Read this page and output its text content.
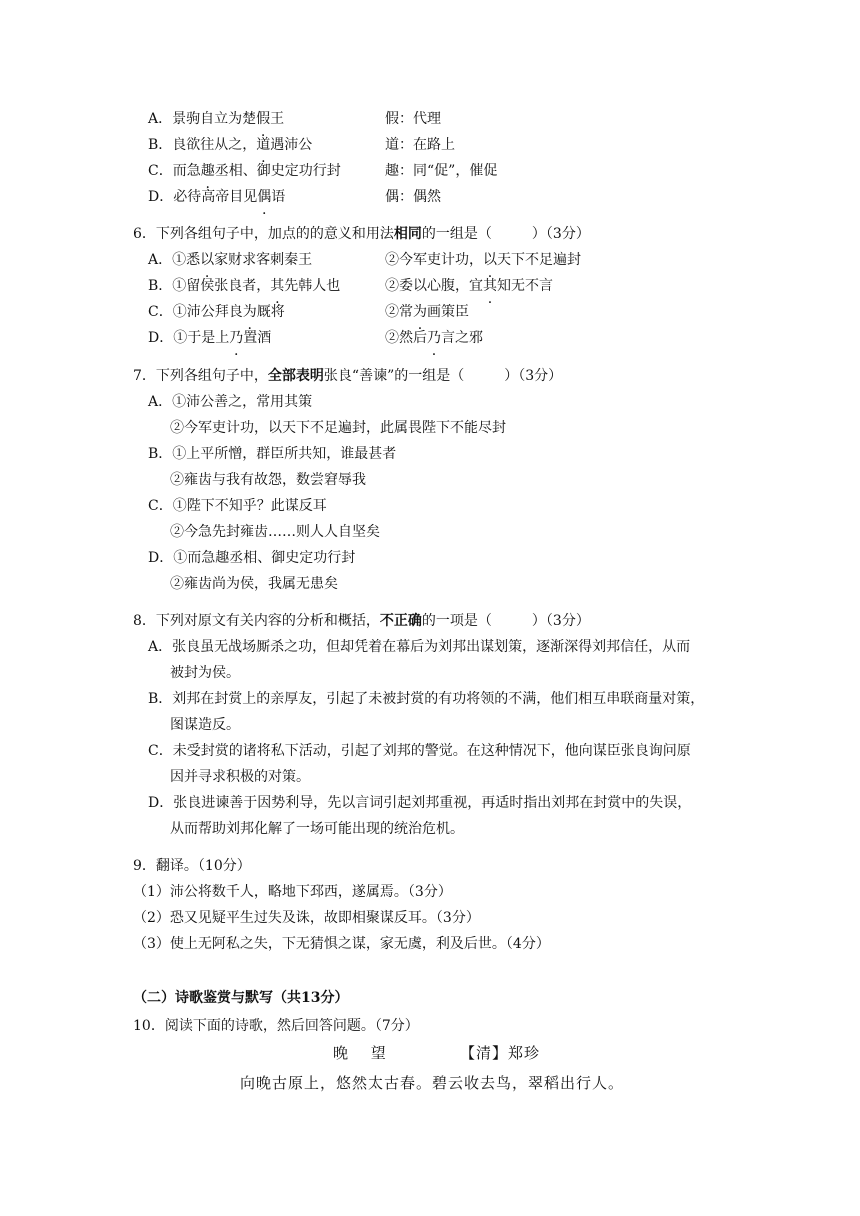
A．景驹自立为楚假王	假：代理
B．良欲往从之，道遇沛公	道：在路上
C．而急趣丞相、御史定功行封	趣：同“促”，催促
D．必待高帝目见偶语	偶：偶然
6．下列各组句子中，加点的的意义和用法相同的一组是（	）（3分）
A．①悉以家财求客刺秦王	②今军吏计功，以天下不足遍封
B．①留侯张良者，其先韩人也	②委以心腹，宜其知无不言
C．①沛公拜良为厩将	②常为画策臣
D．①于是上乃置酒	②然后乃言之邪
7．下列各组句子中，全部表明张良“善谏”的一组是（	）（3分）
A．①沛公善之，常用其策
②今军吏计功，以天下不足遍封，此属畏陛下不能尽封
B．①上平所憎，群臣所共知，谁最甚者
②雍齿与我有故怨，数尝窘辱我
C．①陛下不知乎？此谋反耳
②今急先封雍齿……则人人自坚矣
D．①而急趣丞相、御史定功行封
②雍齿尚为侯，我属无患矣
8．下列对原文有关内容的分析和概括，不正确的一项是（	）（3分）
A．张良虽无战场厮杀之功，但却凭着在幕后为刘邦出谋划策，逐渐深得刘邦信任，从而
被封为侯。
B．刘邦在封赏上的亲厚友，引起了未被封赏的有功将领的不满，他们相互串联商量对策，
图谋造反。
C．未受封赏的诸将私下活动，引起了刘邦的警觉。在这种情况下，他向谋臣张良询问原
因并寻求积极的对策。
D．张良进谏善于因势利导，先以言词引起刘邦重视，再适时指出刘邦在封赏中的失误，
从而帮助刘邦化解了一场可能出现的统治危机。
9．翻译。（10分）
（1）沛公将数千人，略地下邳西，遂属焉。（3分）
（2）恐又见疑平生过失及诛，故即相聚谋反耳。（3分）
（3）使上无阿私之失，下无猜惧之谋，家无虞，利及后世。（4分）
（二）诗歌鉴赏与默写（共13分）
10．阅读下面的诗歌，然后回答问题。（7分）
晚　 望	【清】郑珍
向晚古原上，悠然太古春。碧云收去鸟，翠稻出行人。
